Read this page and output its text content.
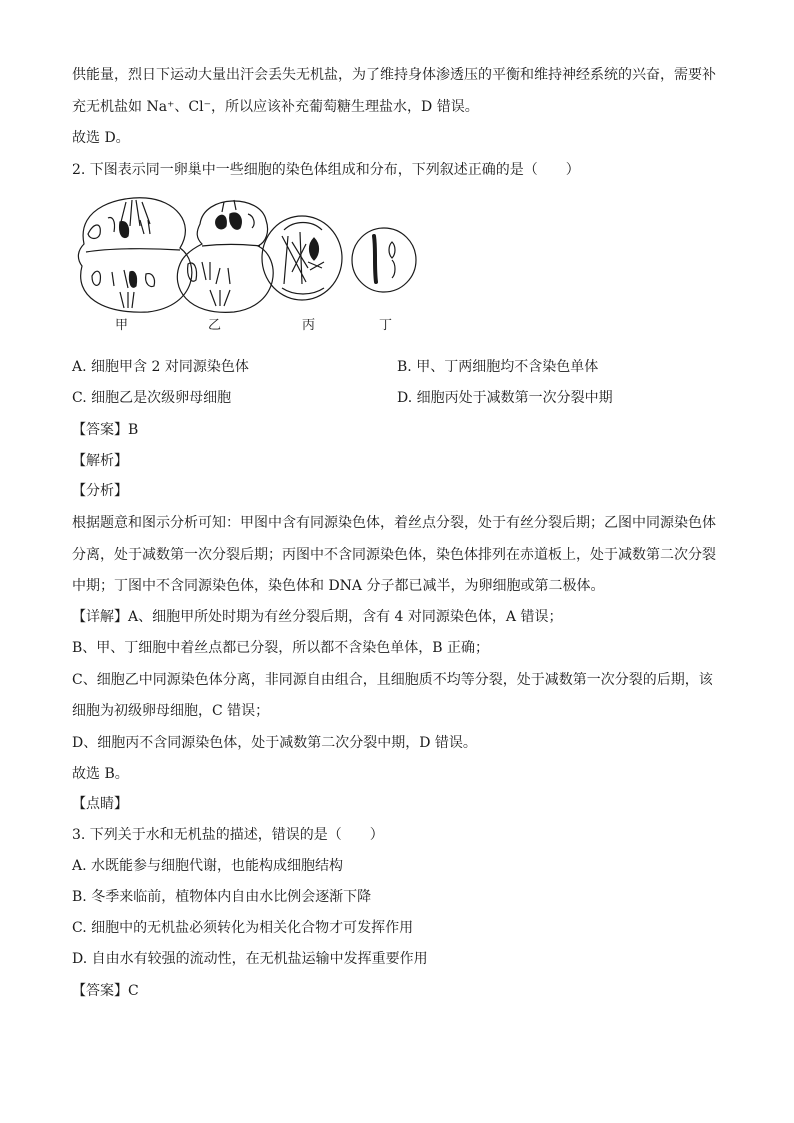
供能量，烈日下运动大量出汗会丢失无机盐，为了维持身体渗透压的平衡和维持神经系统的兴奋，需要补
充无机盐如 Na⁺、Cl⁻，所以应该补充葡萄糖生理盐水，D 错误。
故选 D。
2. 下图表示同一卵巢中一些细胞的染色体组成和分布，下列叙述正确的是（　　）
甲	乙	丙	丁
A. 细胞甲含 2 对同源染色体	B. 甲、丁两细胞均不含染色单体
C. 细胞乙是次级卵母细胞	D. 细胞丙处于减数第一次分裂中期
【答案】B
【解析】
【分析】
根据题意和图示分析可知：甲图中含有同源染色体，着丝点分裂，处于有丝分裂后期；乙图中同源染色体
分离，处于减数第一次分裂后期；丙图中不含同源染色体，染色体排列在赤道板上，处于减数第二次分裂
中期；丁图中不含同源染色体，染色体和 DNA 分子都已减半，为卵细胞或第二极体。
【详解】A、细胞甲所处时期为有丝分裂后期，含有 4 对同源染色体，A 错误；
B、甲、丁细胞中着丝点都已分裂，所以都不含染色单体，B 正确；
C、细胞乙中同源染色体分离，非同源自由组合，且细胞质不均等分裂，处于减数第一次分裂的后期，该
细胞为初级卵母细胞，C 错误；
D、细胞丙不含同源染色体，处于减数第二次分裂中期，D 错误。
故选 B。
【点睛】
3. 下列关于水和无机盐的描述，错误的是（　　）
A. 水既能参与细胞代谢，也能构成细胞结构
B. 冬季来临前，植物体内自由水比例会逐渐下降
C. 细胞中的无机盐必须转化为相关化合物才可发挥作用
D. 自由水有较强的流动性，在无机盐运输中发挥重要作用
【答案】C
